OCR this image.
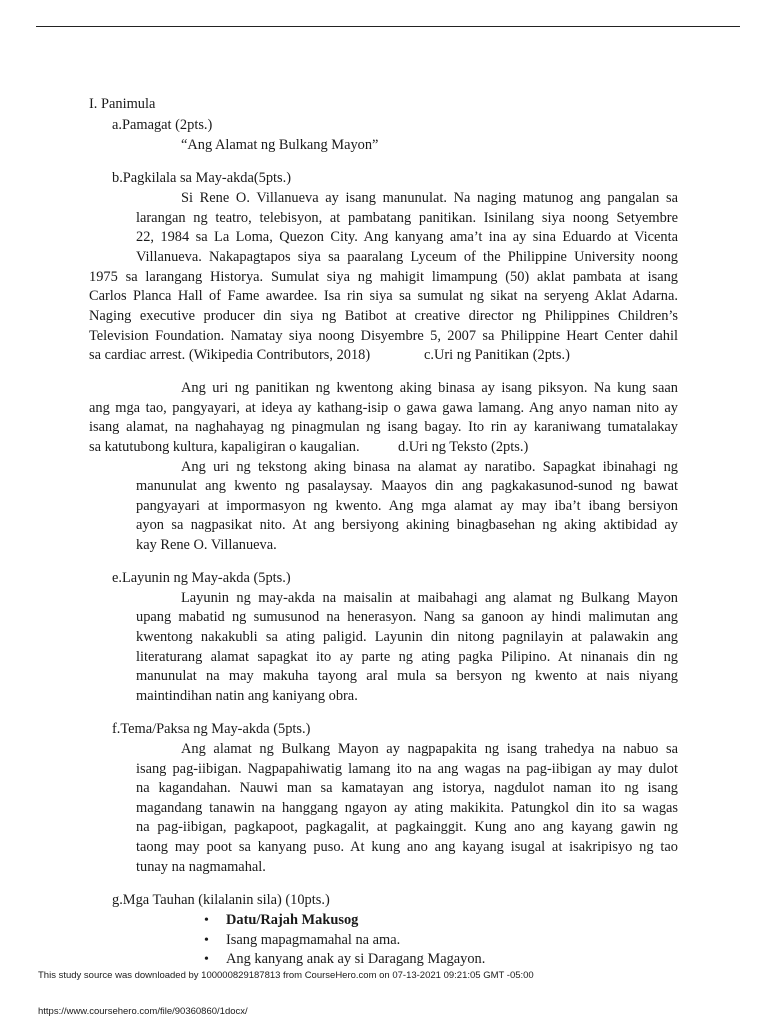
I. Panimula
a.Pamagat (2pts.)
“Ang Alamat ng Bulkang Mayon”
b.Pagkilala sa May-akda(5pts.)
Si Rene O. Villanueva ay isang manunulat. Na naging matunog ang pangalan sa
larangan ng teatro, telebisyon, at pambatang panitikan. Isinilang siya noong Setyembre
22, 1984 sa La Loma, Quezon City. Ang kanyang ama’t ina ay sina Eduardo at Vicenta
Villanueva. Nakapagtapos siya sa paaralang Lyceum of the Philippine University noong
1975 sa larangang Historya. Sumulat siya ng mahigit limampung (50) aklat pambata at isang
Carlos Planca Hall of Fame awardee. Isa rin siya sa sumulat ng sikat na seryeng Aklat Adarna.
Naging executive producer din siya ng Batibot at creative director ng Philippines Children’s
Television Foundation. Namatay siya noong Disyembre 5, 2007 sa Philippine Heart Center dahil
sa cardiac arrest. (Wikipedia Contributors, 2018)	c.Uri ng Panitikan (2pts.)
Ang uri ng panitikan ng kwentong aking binasa ay isang piksyon. Na kung saan
ang mga tao, pangyayari, at ideya ay kathang-isip o gawa gawa lamang. Ang anyo naman nito ay
isang alamat, na naghahayag ng pinagmulan ng isang bagay. Ito rin ay karaniwang tumatalakay
sa katutubong kultura, kapaligiran o kaugalian.	d.Uri ng Teksto (2pts.)
Ang uri ng tekstong aking binasa na alamat ay naratibo. Sapagkat ibinahagi ng
manunulat ang kwento ng pasalaysay. Maayos din ang pagkakasunod-sunod ng bawat
pangyayari at impormasyon ng kwento. Ang mga alamat ay may iba’t ibang bersiyon
ayon sa nagpasikat nito. At ang bersiyong akining binagbasehan ng aking aktibidad ay
kay Rene O. Villanueva.
e.Layunin ng May-akda (5pts.)
Layunin ng may-akda na maisalin at maibahagi ang alamat ng Bulkang Mayon
upang mabatid ng sumusunod na henerasyon. Nang sa ganoon ay hindi malimutan ang
kwentong nakakubli sa ating paligid. Layunin din nitong pagnilayin at palawakin ang
literaturang alamat sapagkat ito ay parte ng ating pagka Pilipino. At ninanais din ng
manunulat na may makuha tayong aral mula sa bersyon ng kwento at nais niyang
maintindihan natin ang kaniyang obra.
f.Tema/Paksa ng May-akda (5pts.)
Ang alamat ng Bulkang Mayon ay nagpapakita ng isang trahedya na nabuo sa
isang pag-iibigan. Nagpapahiwatig lamang ito na ang wagas na pag-iibigan ay may dulot
na kagandahan. Nauwi man sa kamatayan ang istorya, nagdulot naman ito ng isang
magandang tanawin na hanggang ngayon ay ating makikita. Patungkol din ito sa wagas
na pag-iibigan, pagkapoot, pagkagalit, at pagkainggit. Kung ano ang kayang gawin ng
taong may poot sa kanyang puso. At kung ano ang kayang isugal at isakripisyo ng tao
tunay na nagmamahal.
g.Mga Tauhan (kilalanin sila) (10pts.)
• Datu/Rajah Makusog
• Isang mapagmamahal na ama.
• Ang kanyang anak ay si Daragang Magayon.
This study source was downloaded by 100000829187813 from CourseHero.com on 07-13-2021 09:21:05 GMT -05:00
https://www.coursehero.com/file/90360860/1docx/
